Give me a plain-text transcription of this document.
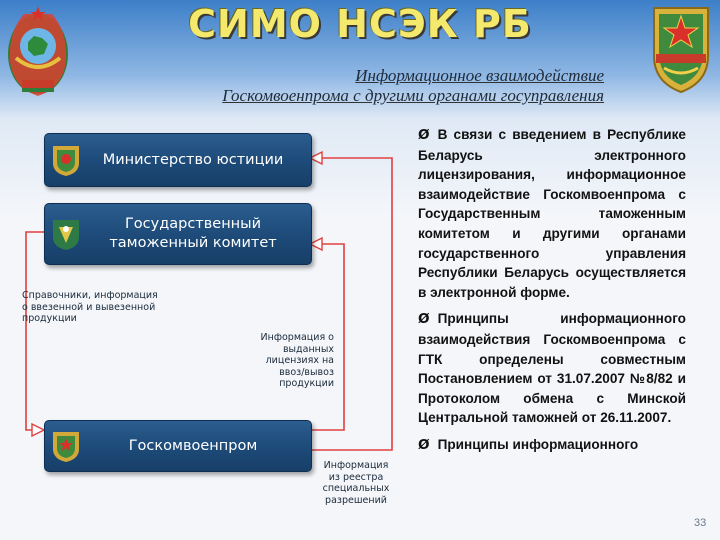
СИМО НСЭК РБ
Информационное взаимодействие
Госкомвоенпрома с другими органами госуправления
Министерство юстиции
Государственный таможенный комитет
Госкомвоенпром
Справочники, информация о ввезенной и вывезенной продукции
Информация о выданных лицензиях на ввоз/вывоз продукции
Информация из реестра специальных разрешений

Ø В связи с введением в Республике Беларусь электронного лицензирования, информационное взаимодействие Госкомвоенпрома с Государственным таможенным комитетом и другими органами государственного управления Республики Беларусь осуществляется в электронной форме.

Ø Принципы информационного взаимодействия Госкомвоенпрома с ГТК определены совместным Постановлением от 31.07.2007 №8/82 и Протоколом обмена с Минской Центральной таможней от 26.11.2007.

Ø Принципы информационного

33
